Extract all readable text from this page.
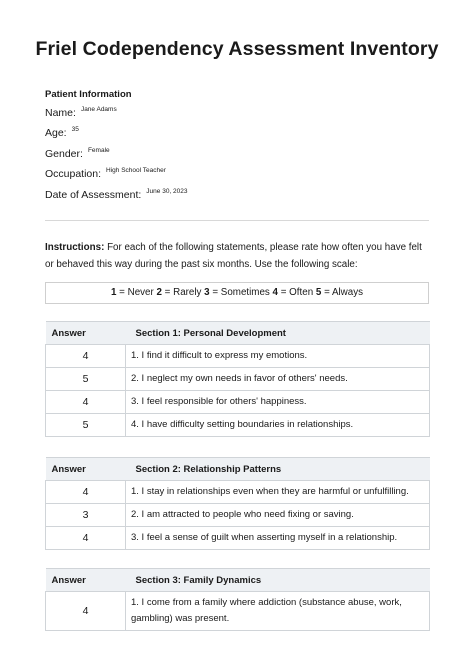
Friel Codependency Assessment Inventory
Patient Information
Name: $^{Jane Adams}$
Age: $^{35}$
Gender: $^{Female}$
Occupation: $^{High School Teacher}$
Date of Assessment: $^{June 30, 2023}$
Instructions: For each of the following statements, please rate how often you have felt or behaved this way during the past six months. Use the following scale:
1 = Never 2 = Rarely 3 = Sometimes 4 = Often 5 = Always
Answer	Section 1: Personal Development
4	1. I find it difficult to express my emotions.
5	2. I neglect my own needs in favor of others' needs.
4	3. I feel responsible for others' happiness.
5	4. I have difficulty setting boundaries in relationships.
Answer	Section 2: Relationship Patterns
4	1. I stay in relationships even when they are harmful or unfulfilling.
3	2. I am attracted to people who need fixing or saving.
4	3. I feel a sense of guilt when asserting myself in a relationship.
Answer	Section 3: Family Dynamics
4	1. I come from a family where addiction (substance abuse, work, gambling) was present.
